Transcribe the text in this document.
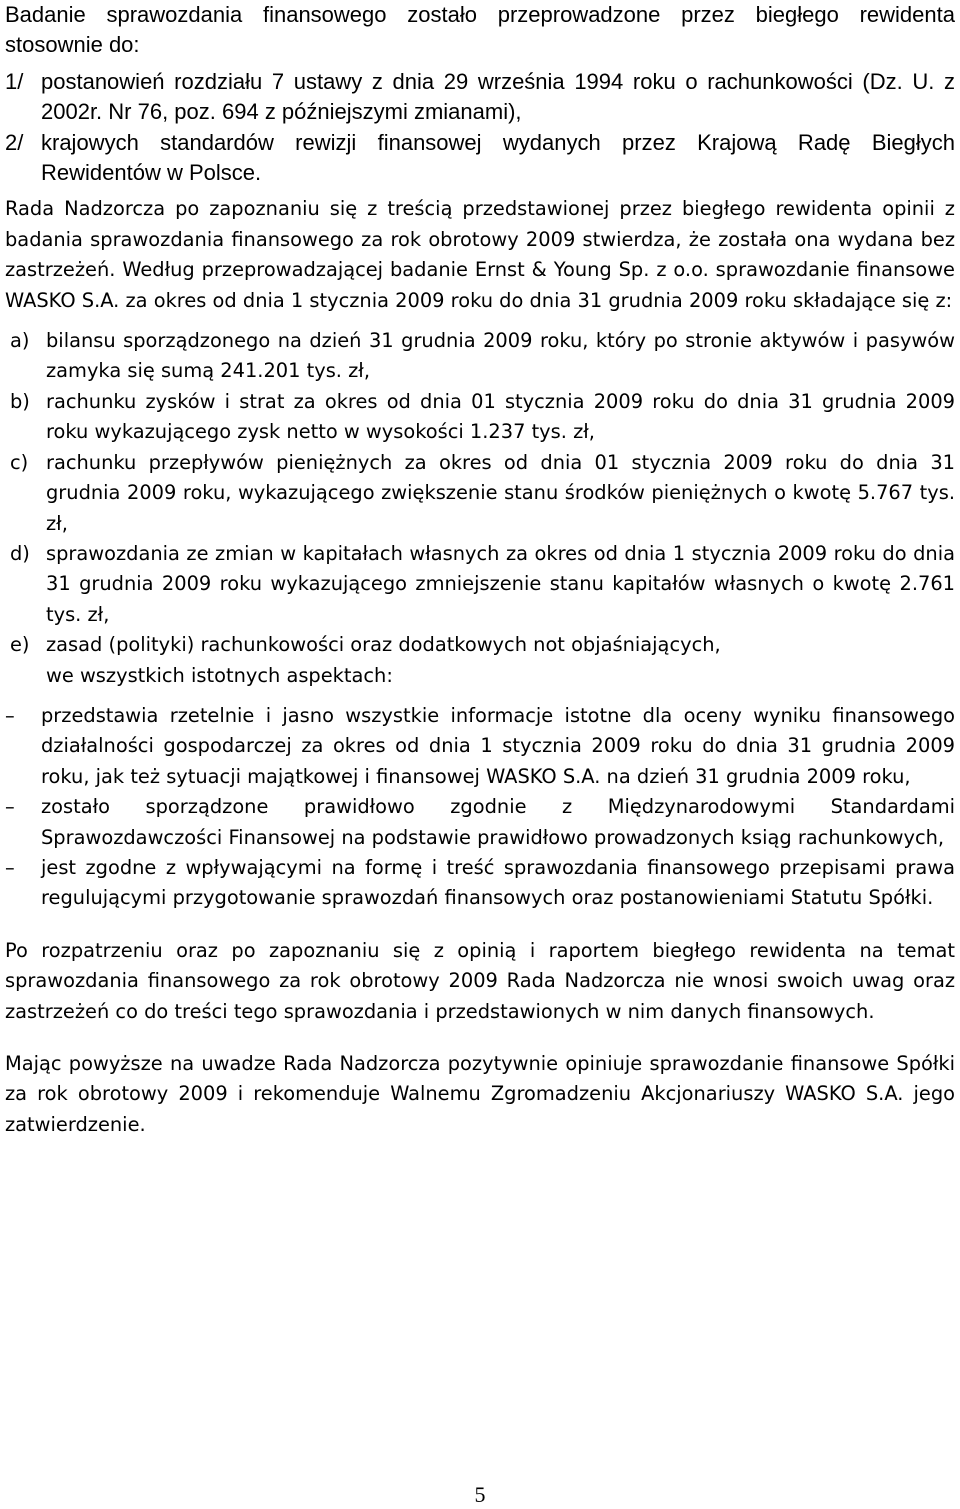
Badanie sprawozdania finansowego zostało przeprowadzone przez biegłego rewidenta stosownie do:

1/ postanowień rozdziału 7 ustawy z dnia 29 września 1994 roku o rachunkowości (Dz. U. z 2002r. Nr 76, poz. 694 z późniejszymi zmianami),
2/ krajowych standardów rewizji finansowej wydanych przez Krajową Radę Biegłych Rewidentów w Polsce.

Rada Nadzorcza po zapoznaniu się z treścią przedstawionej przez biegłego rewidenta opinii z badania sprawozdania finansowego za rok obrotowy 2009 stwierdza, że została ona wydana bez zastrzeżeń. Według przeprowadzającej badanie Ernst & Young Sp. z o.o. sprawozdanie finansowe WASKO S.A. za okres od dnia 1 stycznia 2009 roku do dnia 31 grudnia 2009 roku składające się z:

a) bilansu sporządzonego na dzień 31 grudnia 2009 roku, który po stronie aktywów i pasywów zamyka się sumą 241.201 tys. zł,
b) rachunku zysków i strat za okres od dnia 01 stycznia 2009 roku do dnia 31 grudnia 2009 roku wykazującego zysk netto w wysokości 1.237 tys. zł,
c) rachunku przepływów pieniężnych za okres od dnia 01 stycznia 2009 roku do dnia 31 grudnia 2009 roku, wykazującego zwiększenie stanu środków pieniężnych o kwotę 5.767 tys. zł,
d) sprawozdania ze zmian w kapitałach własnych za okres od dnia 1 stycznia 2009 roku do dnia 31 grudnia 2009 roku wykazującego zmniejszenie stanu kapitałów własnych o kwotę 2.761 tys. zł,
e) zasad (polityki) rachunkowości oraz dodatkowych not objaśniających,

we wszystkich istotnych aspektach:

–	przedstawia rzetelnie i jasno wszystkie informacje istotne dla oceny wyniku finansowego działalności gospodarczej za okres od dnia 1 stycznia 2009 roku do dnia 31 grudnia 2009 roku, jak też sytuacji majątkowej i finansowej WASKO S.A. na dzień 31 grudnia 2009 roku,
–	zostało sporządzone prawidłowo zgodnie z Międzynarodowymi Standardami Sprawozdawczości Finansowej na podstawie prawidłowo prowadzonych ksiąg rachunkowych,
–	jest zgodne z wpływającymi na formę i treść sprawozdania finansowego przepisami prawa regulującymi przygotowanie sprawozdań finansowych oraz postanowieniami Statutu Spółki.

Po rozpatrzeniu oraz po zapoznaniu się z opinią i raportem biegłego rewidenta na temat sprawozdania finansowego za rok obrotowy 2009 Rada Nadzorcza nie wnosi swoich uwag oraz zastrzeżeń co do treści tego sprawozdania i przedstawionych w nim danych finansowych.

Mając powyższe na uwadze Rada Nadzorcza pozytywnie opiniuje sprawozdanie finansowe Spółki za rok obrotowy 2009 i rekomenduje Walnemu Zgromadzeniu Akcjonariuszy WASKO S.A. jego zatwierdzenie.

5
